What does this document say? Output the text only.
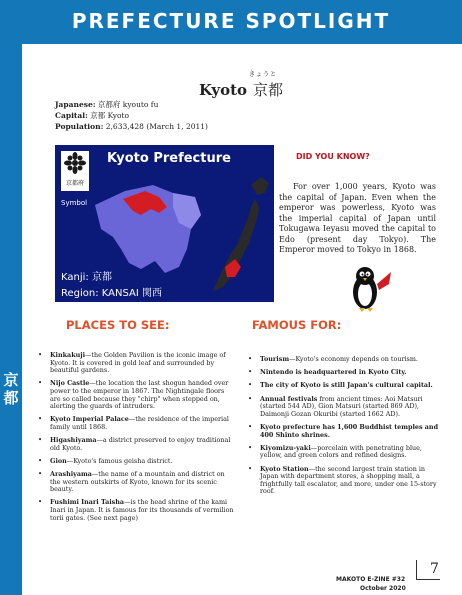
PREFECTURE SPOTLIGHT
京都
きょうと
Kyoto 京都
Japanese: 京都府 kyouto fu
Capital: 京都 Kyoto
Population: 2,633,428 (March 1, 2011)
京都府
Kyoto Prefecture
Symbol
Kanji: 京都
Region: KANSAI 関西
DID YOU KNOW?
For over 1,000 years, Kyoto was the capital of Japan. Even when the emperor was powerless, Kyoto was the imperial capital of Japan until Tokugawa Ieyasu moved the capital to Edo (present day Tokyo). The Emperor moved to Tokyo in 1868.
PLACES TO SEE:	FAMOUS FOR:
• Kinkakuji—the Golden Pavilion is the iconic image of Kyoto. It is covered in gold leaf and surrounded by beautiful gardens.
• Nijo Castle—the location the last shogun handed over power to the emperor in 1867. The Nightingale floors are so called because they "chirp" when stepped on, alerting the guards of intruders.
• Kyoto Imperial Palace—the residence of the imperial family until 1868.
• Higashiyama—a district preserved to enjoy traditional old Kyoto.
• Gion—Kyoto's famous geisha district.
• Arashiyama—the name of a mountain and district on the western outskirts of Kyoto, known for its scenic beauty.
• Fushimi Inari Taisha—is the head shrine of the kami Inari in Japan. It is famous for its thousands of vermilion torii gates. (See next page)
• Tourism—Kyoto's economy depends on tourism.
• Nintendo is headquartered in Kyoto City.
• The city of Kyoto is still Japan's cultural capital.
• Annual festivals from ancient times: Aoi Matsuri (started 544 AD), Gion Matsuri (started 869 AD), Daimonji Gozan Okuribi (started 1662 AD).
• Kyoto prefecture has 1,600 Buddhist temples and 400 Shinto shrines.
• Kiyomizu-yaki—porcelain with penetrating blue, yellow, and green colors and refined designs.
• Kyoto Station—the second largest train station in Japan with department stores, a shopping mall, a frightfully tall escalator, and more, under one 15-story roof.
7
MAKOTO E-ZINE #32
October 2020
